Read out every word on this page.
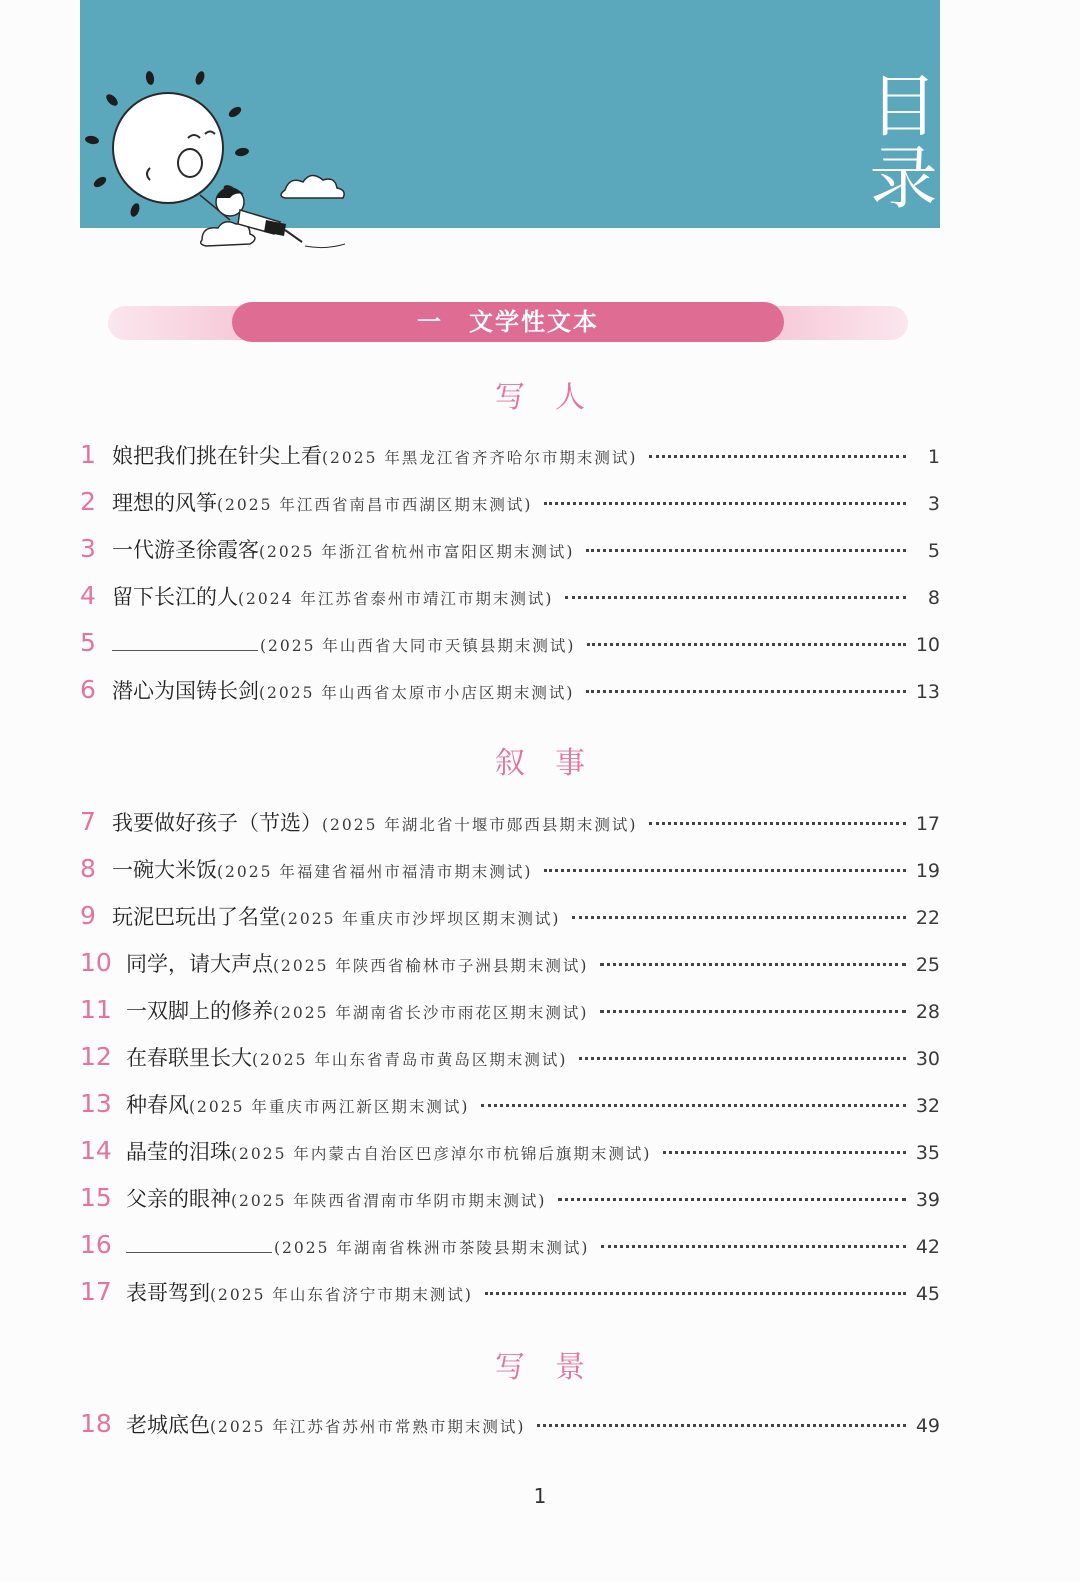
目录
一　文学性文本
写人
叙事
写景
1 娘把我们挑在针尖上看 (2025 年黑龙江省齐齐哈尔市期末测试)	1
2 理想的风筝 (2025 年江西省南昌市西湖区期末测试)	3
3 一代游圣徐霞客 (2025 年浙江省杭州市富阳区期末测试)	5
4 留下长江的人 (2024 年江苏省泰州市靖江市期末测试)	8
5	(2025 年山西省大同市天镇县期末测试)	10
6 潜心为国铸长剑 (2025 年山西省太原市小店区期末测试)	13
7 我要做好孩子（节选） (2025 年湖北省十堰市郧西县期末测试)	17
8 一碗大米饭 (2025 年福建省福州市福清市期末测试)	19
9 玩泥巴玩出了名堂 (2025 年重庆市沙坪坝区期末测试)	22
10 同学，请大声点 (2025 年陕西省榆林市子洲县期末测试)	25
11 一双脚上的修养 (2025 年湖南省长沙市雨花区期末测试)	28
12 在春联里长大 (2025 年山东省青岛市黄岛区期末测试)	30
13 种春风 (2025 年重庆市两江新区期末测试)	32
14 晶莹的泪珠 (2025 年内蒙古自治区巴彦淖尔市杭锦后旗期末测试)	35
15 父亲的眼神 (2025 年陕西省渭南市华阴市期末测试)	39
16	(2025 年湖南省株洲市茶陵县期末测试)	42
17 表哥驾到 (2025 年山东省济宁市期末测试)	45
18 老城底色 (2025 年江苏省苏州市常熟市期末测试)	49
1
